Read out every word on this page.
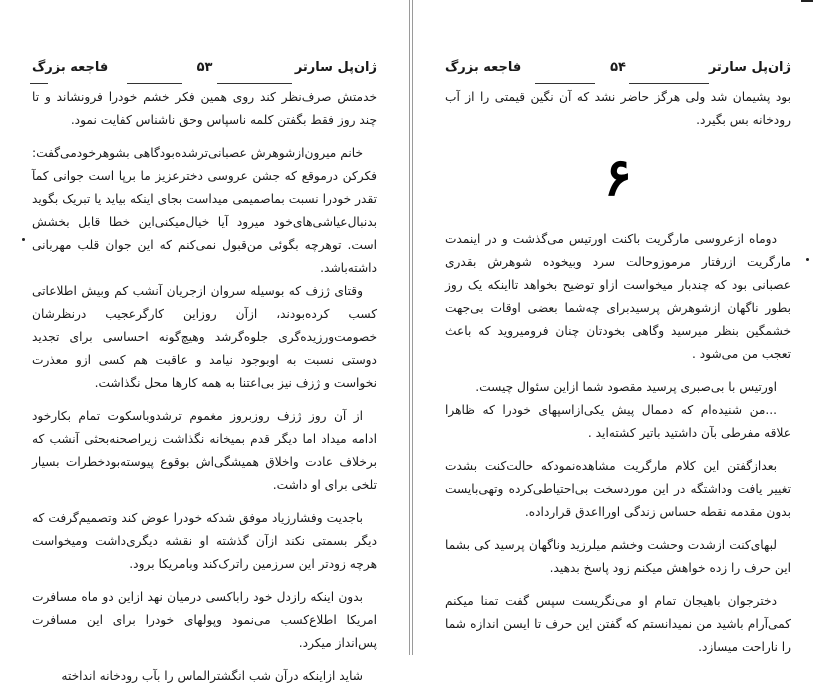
ژان‌پل سارتر
۵۳
فاجعه بزرگ

خدمتش صرف‌نظر کند روی همین فکر خشم خودرا فرونشاند و تا چند روز فقط بگفتن کلمه ناسپاس وحق ناشناس کفایت نمود.

خانم میرون‌ازشوهرش عصبانی‌ترشده‌بودگاهی بشوهرخودمی‌گفت: فکرکن درموقع که جشن عروسی دخترعزیز ما برپا است جوانی کمآ تقدر خودرا نسبت بماصمیمی میداست بجای اینکه بیاید یا تبریک بگوید بدنبال‌عیاشی‌های‌خود میرود آیا خیال‌میکنی‌این خطا قابل بخشش است. توهرچه بگوئی من‌قبول نمی‌کنم که این جوان قلب مهربانی داشته‌باشد.

وقتای ژزف که بوسیله سروان ازجریان آنشب کم وبیش اطلاعاتی کسب کرده‌بودند، ازآن روزاین کارگرعجیب درنظرشان خصومت‌ورزیده‌گری جلوه‌گرشد وهیچ‌گونه احساسی برای تجدید دوستی نسبت به اوبوجود نیامد و عاقبت هم کسی ازو معذرت نخواست و ژزف نیز بی‌اعتنا به همه کارها محل نگذاشت.

از آن روز ژزف روزبروز مغموم ترشدوباسکوت تمام بکارخود ادامه میداد اما دیگر قدم بمیخانه نگذاشت زیراصحنه‌بحثی آنشب که برخلاف عادت واخلاق همیشگی‌اش بوقوع پیوسته‌بودخطرات بسیار تلخی برای او داشت.

باجدیت وفشارزیاد موفق شدکه خودرا عوض کند وتصمیم‌گرفت که دیگر بسمتی نکند ازآن گذشته او نقشه دیگری‌داشت ومیخواست هرچه زودتر این سرزمین راترک‌کند و‌بامریکا برود.

بدون اینکه رازدل خود راباکسی درمیان نهد ازاین دو ماه مسافرت امریکا اطلاع‌کسب می‌نمود وپولهای خودرا برای این مسافرت پس‌انداز میکرد.

شاید ازاینکه درآن شب انگشترالماس را بآب رودخانه انداخته

ژان‌پل سارتر
۵۴
فاجعه بزرگ

بود پشیمان شد ولی هرگز حاضر نشد که آن نگین قیمتی را از آب رودخانه بس بگیرد.

۶

دوماه ازعروسی مارگریت باکنت اورتیس می‌گذشت و در اینمدت مارگریت ازرفتار مرموزوحالت سرد وبیخوده شوهرش بقدری عصبانی بود که چندبار میخواست ازاو توضیح بخواهد تااینکه یک روز بطور ناگهان ازشوهرش پرسیدبرای چه‌شما بعضی اوقات بی‌جهت خشمگین بنظر میرسید وگاهی بخودتان چنان فرومیروید که باعث تعجب من می‌شود .

اورتیس با بی‌صبری پرسید مقصود شما ازاین سئوال چیست.

...من شنیده‌ام که دممال پیش یکی‌ازاسپهای خودرا که ظاهرا علاقه مفرطی بآن داشتید باتیر کشته‌اید .

بعدازگفتن این کلام مارگریت مشاهده‌نمودکه حالت‌کنت بشدت تغییر یافت وداشتگه در این موردسخت بی‌احتیاطی‌کرده و‌تهی‌بایست بدون مقدمه نقطه حساس زندگی اورااعدق قرارداده.

لبهای‌کنت ازشدت وحشت وخشم میلرزید وناگهان پرسید کی بشما این حرف را زده خواهش میکنم زود پاسخ بدهید.

دخترجوان باهیجان تمام او می‌نگریست سپس گفت تمنا میکنم کمی‌آرام باشید من نمیدانستم که گفتن این حرف تا ایسن اندازه شما را ناراحت میسازد.
